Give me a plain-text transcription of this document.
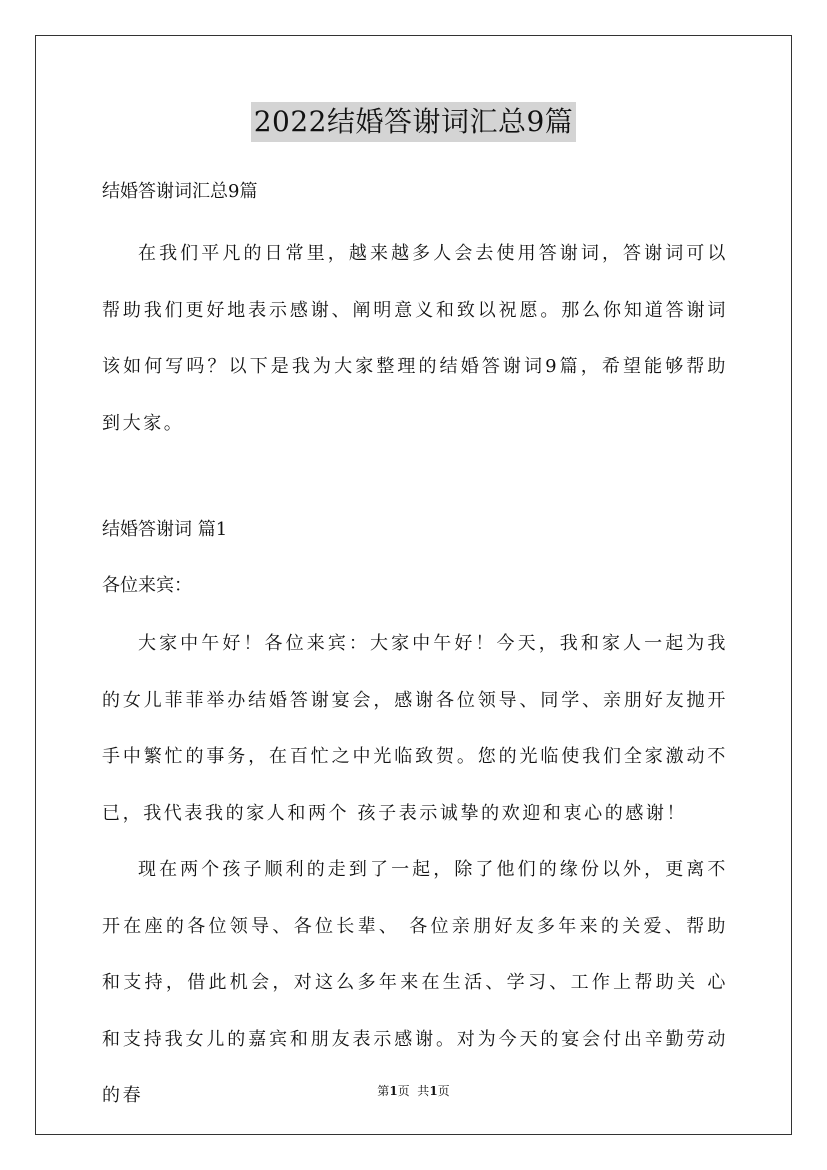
2022结婚答谢词汇总9篇

结婚答谢词汇总9篇

在我们平凡的日常里，越来越多人会去使用答谢词，答谢词可以帮助我们更好地表示感谢、阐明意义和致以祝愿。那么你知道答谢词该如何写吗？以下是我为大家整理的结婚答谢词9篇，希望能够帮助到大家。

结婚答谢词 篇1

各位来宾：

大家中午好！各位来宾：大家中午好！今天，我和家人一起为我的女儿菲菲举办结婚答谢宴会，感谢各位领导、同学、亲朋好友抛开手中繁忙的事务，在百忙之中光临致贺。您的光临使我们全家激动不已，我代表我的家人和两个 孩子表示诚挚的欢迎和衷心的感谢！

现在两个孩子顺利的走到了一起，除了他们的缘份以外，更离不开在座的各位领导、各位长辈、 各位亲朋好友多年来的关爱、帮助和支持，借此机会，对这么多年来在生活、学习、工作上帮助关 心和支持我女儿的嘉宾和朋友表示感谢。对为今天的宴会付出辛勤劳动的春	第1页  共1页
